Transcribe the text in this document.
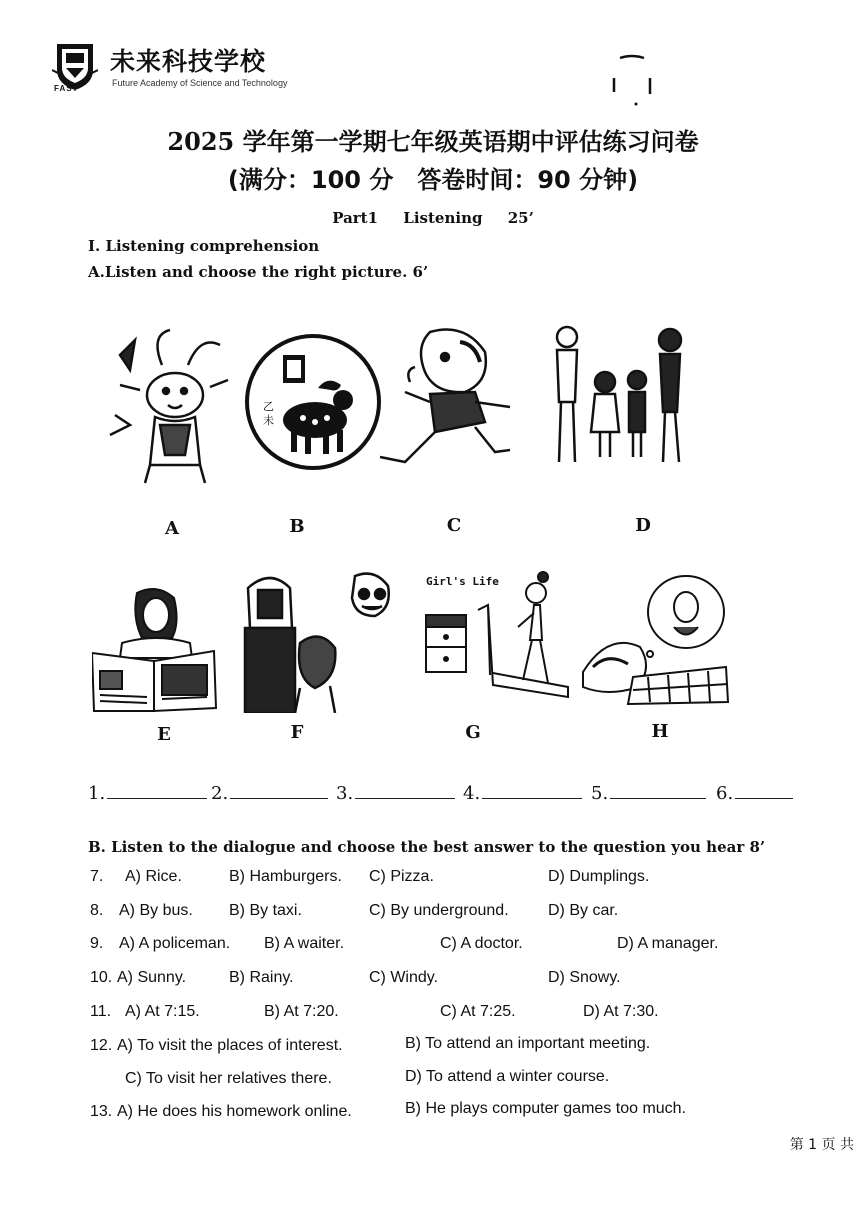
FAST
未来科技学校
Future Academy of Science and Technology
2025 学年第一学期七年级英语期中评估练习问卷
(满分：100 分　答卷时间：90 分钟)
Part1 Listening 25’
I. Listening comprehension
A.Listen and choose the right picture. 6’
A
乙
未
B	C	D
E	F
Girl's Life
G	H
1.	2.	3.	4.	5.	6.
B. Listen to the dialogue and choose the best answer to the question you hear 8’
7. A) Rice.	B) Hamburgers. C) Pizza.	D) Dumplings.
8. A) By bus. B) By taxi.	C) By underground. D) By car.
9. A) A policeman. B) A waiter.	C) A doctor.	D) A manager.
10. A) Sunny.	B) Rainy.	C) Windy.	D) Snowy.
11. A) At 7:15.	B) At 7:20.	C) At 7:25.	D) At 7:30.
12. A) To visit the places of interest.	B) To attend an important meeting.
C) To visit her relatives there.	D) To attend a winter course.
13. A) He does his homework online.	B) He plays computer games too much.
第 1 页 共
